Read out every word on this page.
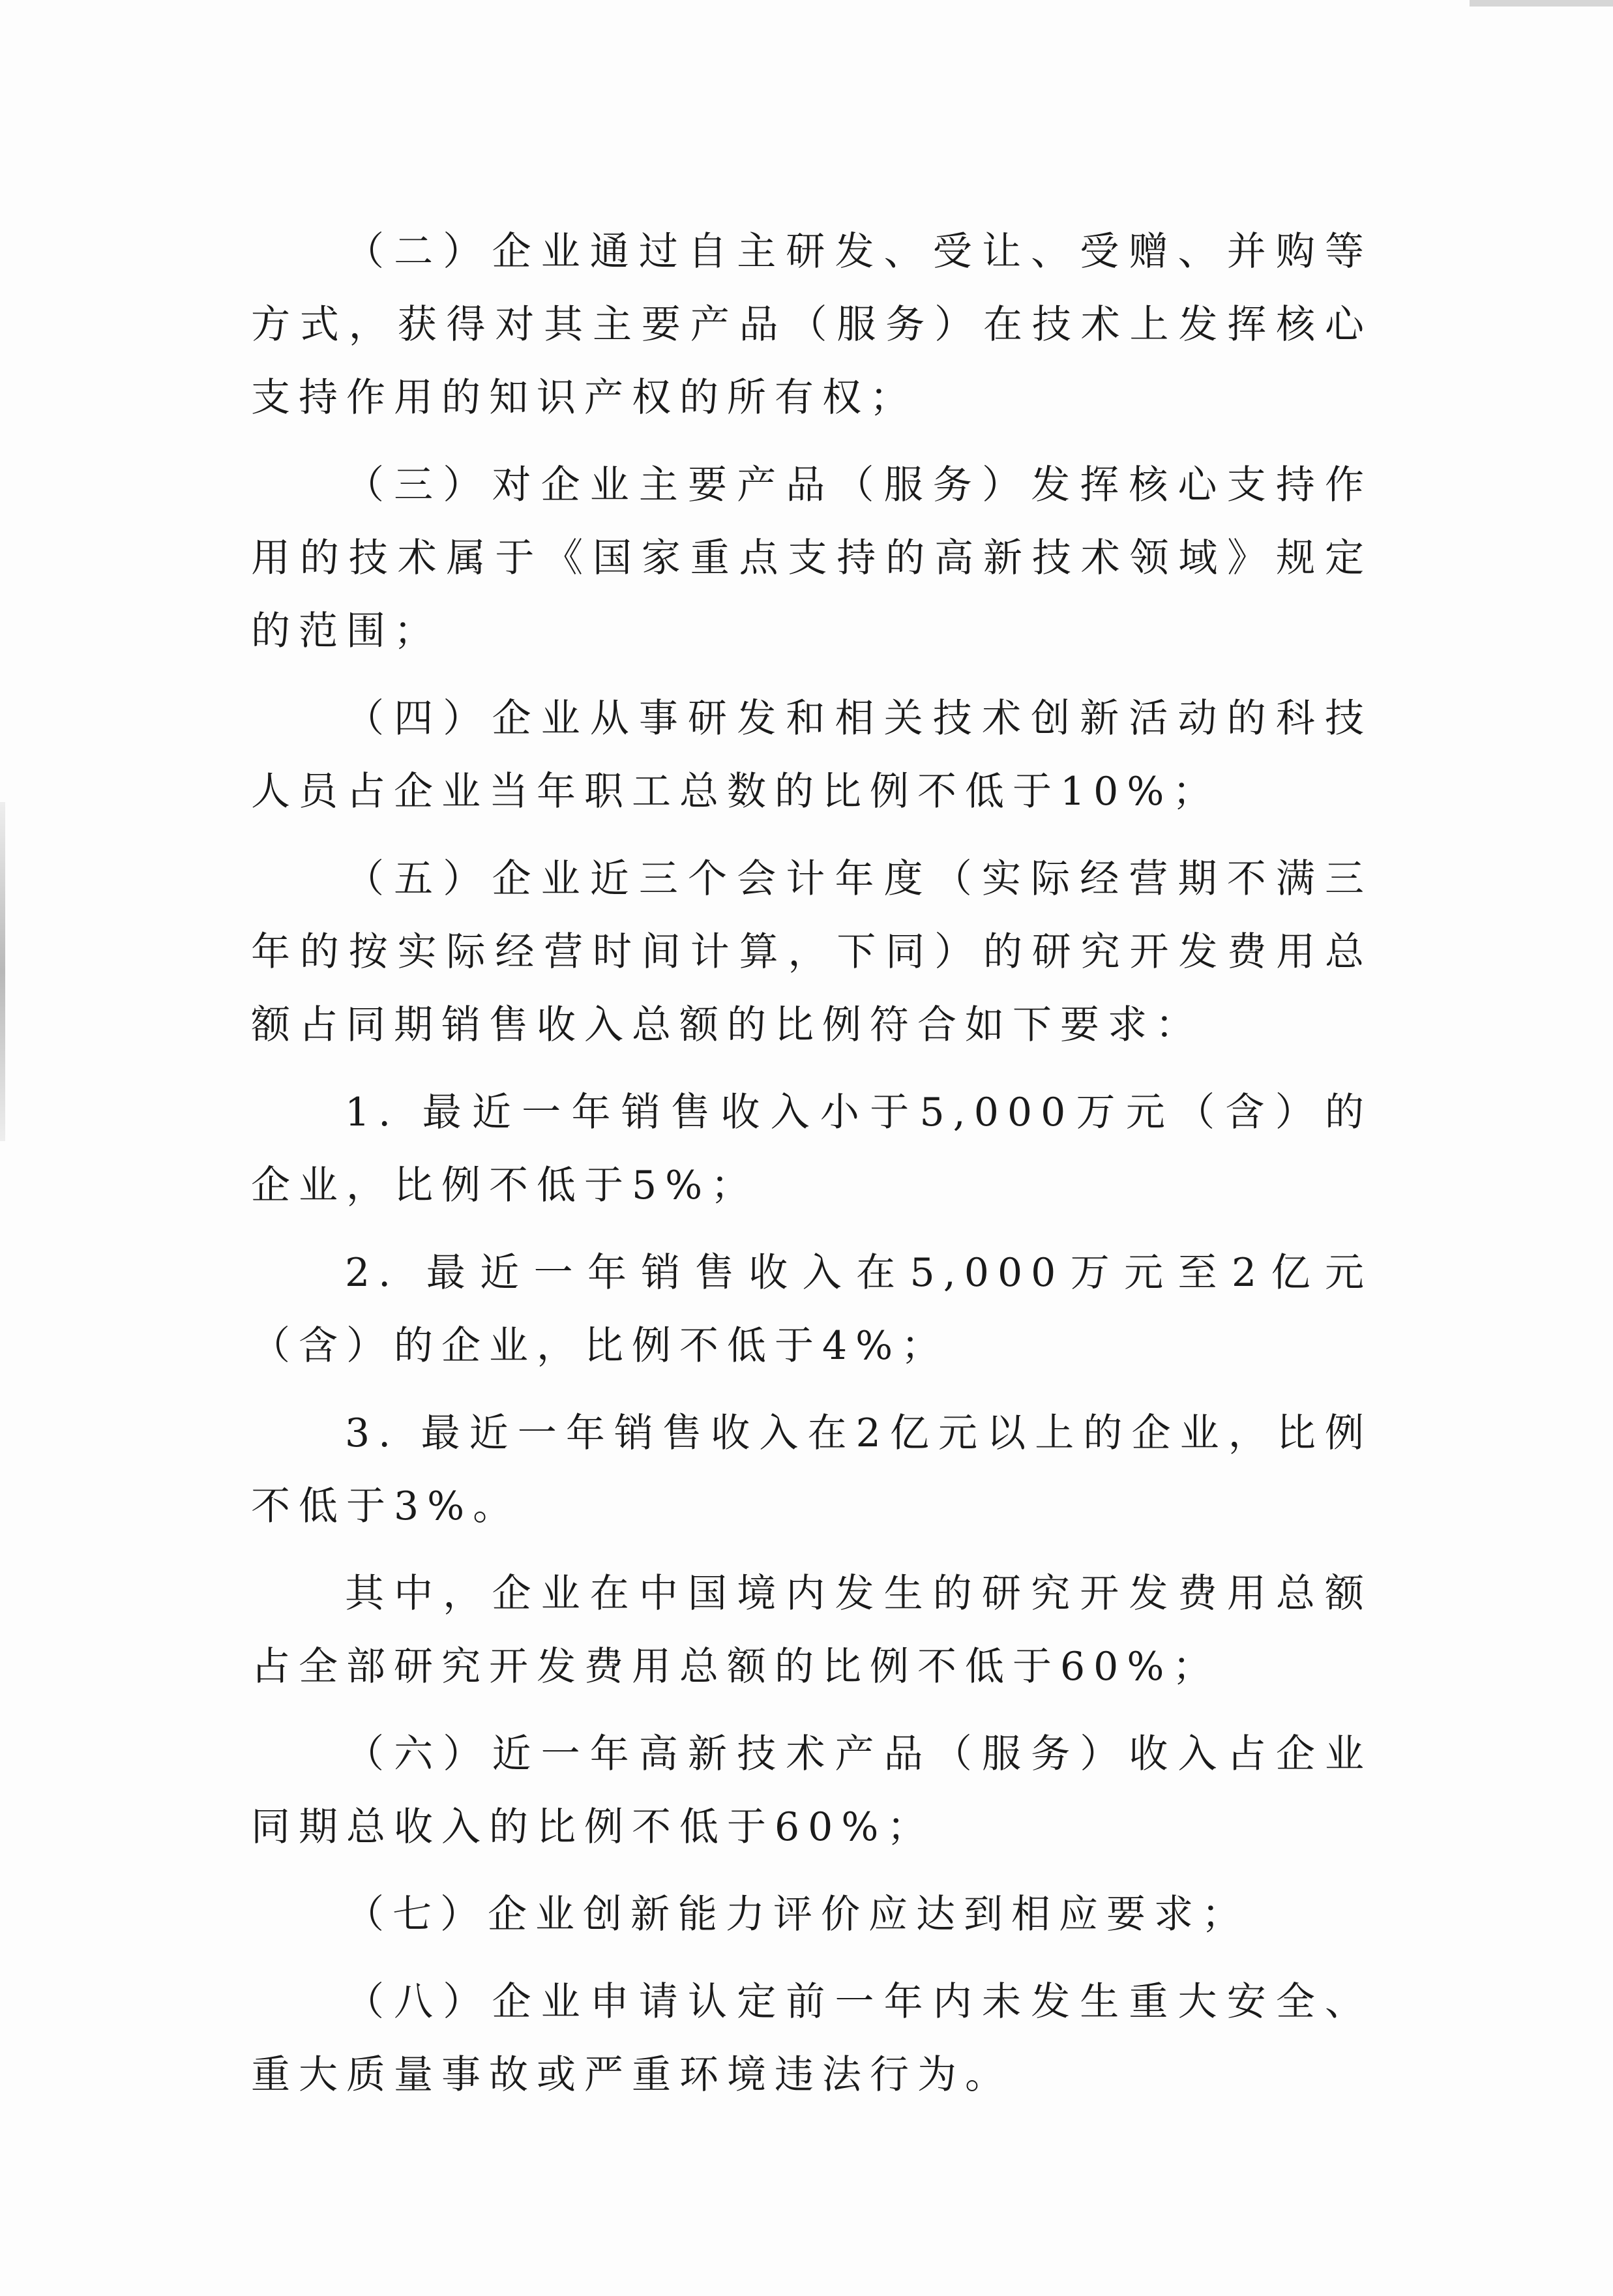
（二）企业通过自主研发、受让、受赠、并购等方式，获得对其主要产品（服务）在技术上发挥核心支持作用的知识产权的所有权；

（三）对企业主要产品（服务）发挥核心支持作用的技术属于《国家重点支持的高新技术领域》规定的范围；

（四）企业从事研发和相关技术创新活动的科技人员占企业当年职工总数的比例不低于10%；

（五）企业近三个会计年度（实际经营期不满三年的按实际经营时间计算，下同）的研究开发费用总额占同期销售收入总额的比例符合如下要求：

1. 最近一年销售收入小于5,000万元（含）的企业，比例不低于5%；

2. 最近一年销售收入在5,000万元至2亿元（含）的企业，比例不低于4%；

3. 最近一年销售收入在2亿元以上的企业，比例不低于3%。

其中，企业在中国境内发生的研究开发费用总额占全部研究开发费用总额的比例不低于60%；

（六）近一年高新技术产品（服务）收入占企业同期总收入的比例不低于60%；

（七）企业创新能力评价应达到相应要求；

（八）企业申请认定前一年内未发生重大安全、重大质量事故或严重环境违法行为。
